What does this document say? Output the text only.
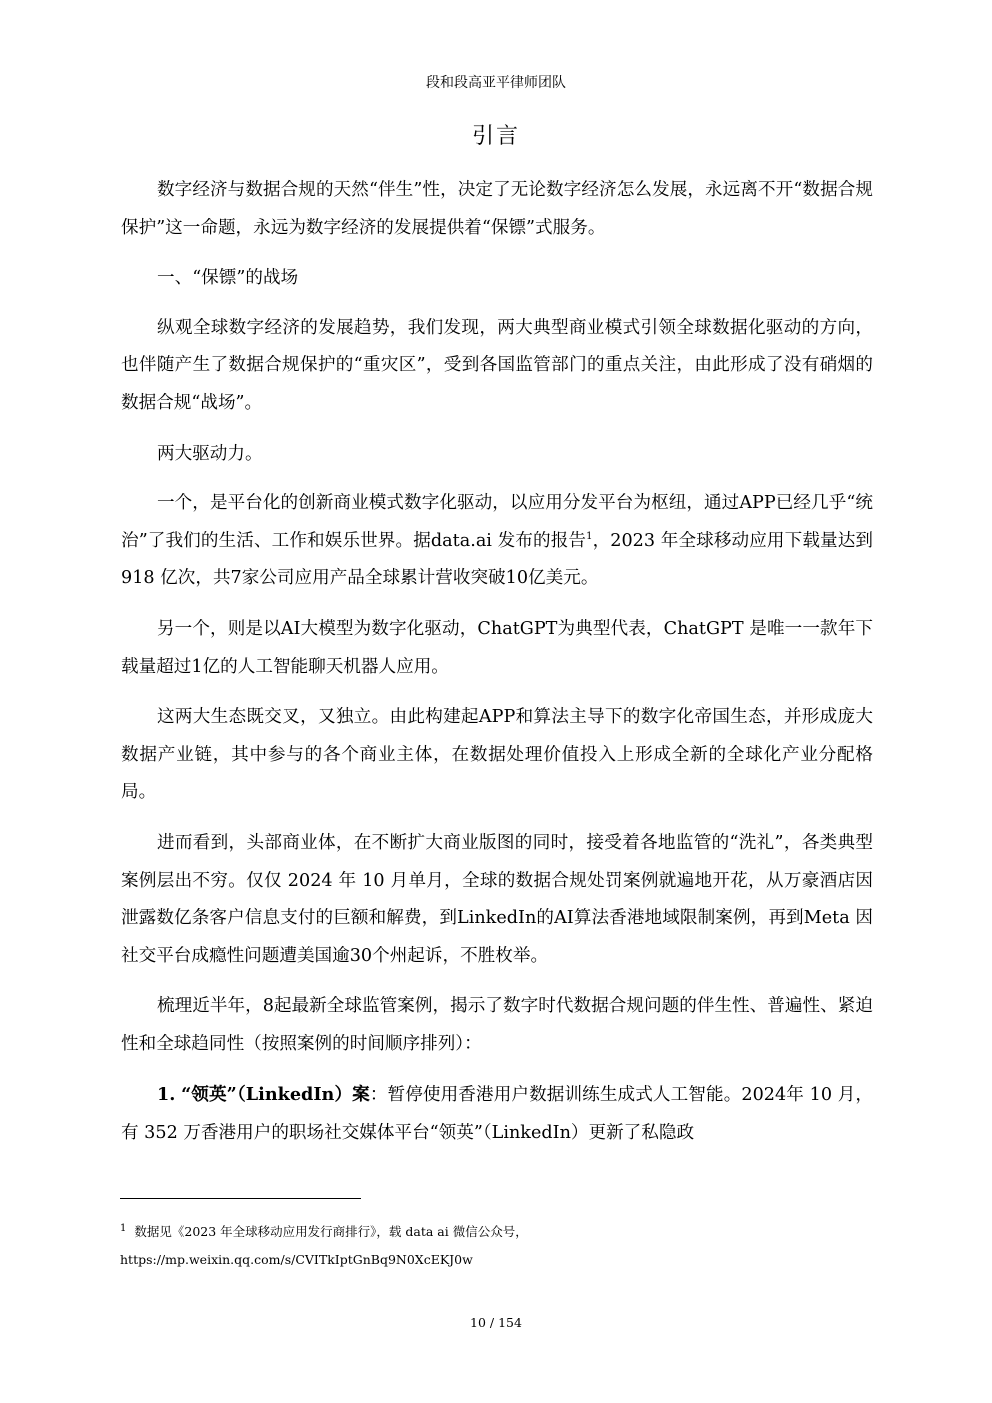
段和段高亚平律师团队
引言

数字经济与数据合规的天然“伴生”性，决定了无论数字经济怎么发展，永远离不开“数据合规保护”这一命题，永远为数字经济的发展提供着“保镖”式服务。

一、“保镖”的战场

纵观全球数字经济的发展趋势，我们发现，两大典型商业模式引领全球数据化驱动的方向，也伴随产生了数据合规保护的“重灾区”，受到各国监管部门的重点关注，由此形成了没有硝烟的数据合规“战场”。

两大驱动力。

一个，是平台化的创新商业模式数字化驱动，以应用分发平台为枢纽，通过APP已经几乎“统治”了我们的生活、工作和娱乐世界。据data.ai 发布的报告$^1$，2023 年全球移动应用下载量达到 918 亿次，共7家公司应用产品全球累计营收突破10亿美元。

另一个，则是以AI大模型为数字化驱动，ChatGPT为典型代表，ChatGPT 是唯一一款年下载量超过1亿的人工智能聊天机器人应用。

这两大生态既交叉，又独立。由此构建起APP和算法主导下的数字化帝国生态，并形成庞大数据产业链，其中参与的各个商业主体，在数据处理价值投入上形成全新的全球化产业分配格局。

进而看到，头部商业体，在不断扩大商业版图的同时，接受着各地监管的“洗礼”，各类典型案例层出不穷。仅仅 2024 年 10 月单月，全球的数据合规处罚案例就遍地开花，从万豪酒店因泄露数亿条客户信息支付的巨额和解费，到LinkedIn的AI算法香港地域限制案例，再到Meta 因社交平台成瘾性问题遭美国逾30个州起诉，不胜枚举。

梳理近半年，8起最新全球监管案例，揭示了数字时代数据合规问题的伴生性、普遍性、紧迫性和全球趋同性（按照案例的时间顺序排列）：

1. “领英”（LinkedIn）案：暂停使用香港用户数据训练生成式人工智能。2024年 10 月，有 352 万香港用户的职场社交媒体平台“领英”（LinkedIn）更新了私隐政

$^1$ 数据见《2023 年全球移动应用发行商排行》，载 data ai 微信公众号，
https://mp.weixin.qq.com/s/CVITkIptGnBq9N0XcEKJ0w
10 / 154
